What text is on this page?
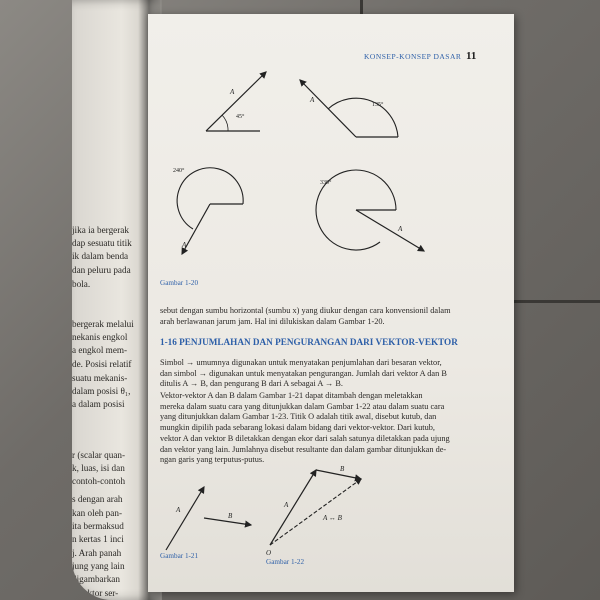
jika ia bergerak
dap sesuatu titik
ik dalam benda
dan peluru pada
bola.
bergerak melalui
nekanis engkol
a engkol mem-
de. Posisi relatif
suatu mekanis-
dalam posisi θ₁,
a dalam posisi
r (scalar quan-
k, luas, isi dan
contoh-contoh
s dengan arah
kan oleh pan-
ita bermaksud
n kertas 1 inci
j. Arah panah
jung yang lain
digambarkan
h vektor ser-
KONSEP-KONSEP DASAR 11
45°
A
135°
A
240°
A
330°
A
A
B
A
B
A ↔ B
O
Gambar 1-20
sebut dengan sumbu horizontal (sumbu x) yang diukur dengan cara konvensionil dalam
arah berlawanan jarum jam. Hal ini dilukiskan dalam Gambar 1-20.
1-16 PENJUMLAHAN DAN PENGURANGAN DARI VEKTOR-VEKTOR
Simbol → umumnya digunakan untuk menyatakan penjumlahan dari besaran vektor,
dan simbol → digunakan untuk menyatakan pengurangan. Jumlah dari vektor A dan B
ditulis A → B, dan pengurang B dari A sebagai A → B.
Vektor-vektor A dan B dalam Gambar 1-21 dapat ditambah dengan meletakkan
mereka dalam suatu cara yang ditunjukkan dalam Gambar 1-22 atau dalam suatu cara
yang ditunjukkan dalam Gambar 1-23. Titik O adalah titik awal, disebut kutub, dan
mungkin dipilih pada sebarang lokasi dalam bidang dari vektor-vektor. Dari kutub,
vektor A dan vektor B diletakkan dengan ekor dari salah satunya diletakkan pada ujung
dan vektor yang lain. Jumlahnya disebut resultante dan dalam gambar ditunjukkan de-
ngan garis yang terputus-putus.
Gambar 1-21
Gambar 1-22
